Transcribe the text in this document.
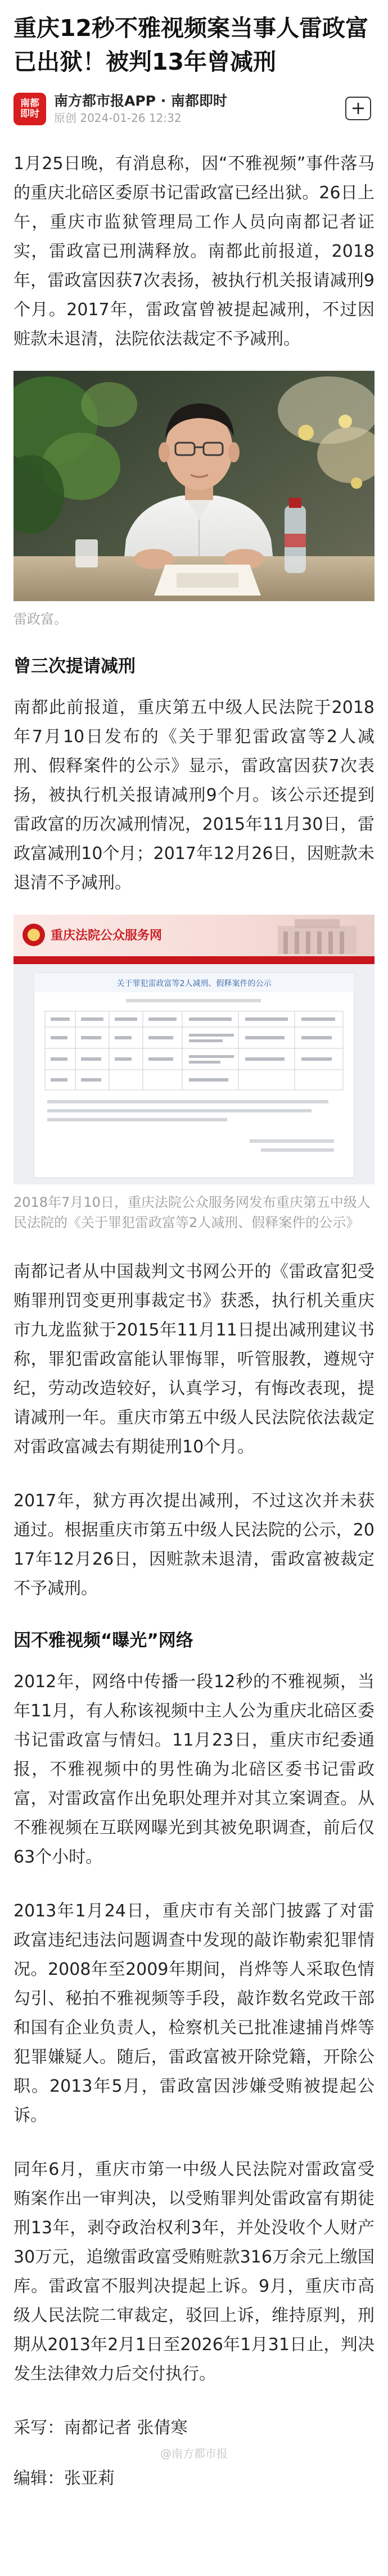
重庆12秒不雅视频案当事人雷政富已出狱！被判13年曾减刑
南都即时
南方都市报APP · 南都即时
原创 2024-01-26 12:32	+

1月25日晚，有消息称，因“不雅视频”事件落马的重庆北碚区委原书记雷政富已经出狱。26日上午，重庆市监狱管理局工作人员向南都记者证实，雷政富已刑满释放。南都此前报道，2018年，雷政富因获7次表扬，被执行机关报请减刑9个月。2017年，雷政富曾被提起减刑，不过因赃款未退清，法院依法裁定不予减刑。

雷政富。
曾三次提请减刑

南都此前报道，重庆第五中级人民法院于2018年7月10日发布的《关于罪犯雷政富等2人减刑、假释案件的公示》显示，雷政富因获7次表扬，被执行机关报请减刑9个月。该公示还提到雷政富的历次减刑情况，2015年11月30日，雷政富减刑10个月；2017年12月26日，因赃款未退清不予减刑。

重庆法院公众服务网
关于罪犯雷政富等2人减刑、假释案件的公示
2018年7月10日，重庆法院公众服务网发布重庆第五中级人民法院的《关于罪犯雷政富等2人减刑、假释案件的公示》

南都记者从中国裁判文书网公开的《雷政富犯受贿罪刑罚变更刑事裁定书》获悉，执行机关重庆市九龙监狱于2015年11月11日提出减刑建议书称，罪犯雷政富能认罪悔罪，听管服教，遵规守纪，劳动改造较好，认真学习，有悔改表现，提请减刑一年。重庆市第五中级人民法院依法裁定对雷政富减去有期徒刑10个月。

2017年，狱方再次提出减刑，不过这次并未获通过。根据重庆市第五中级人民法院的公示，2017年12月26日，因赃款未退清，雷政富被裁定不予减刑。

因不雅视频“曝光”网络

2012年，网络中传播一段12秒的不雅视频，当年11月，有人称该视频中主人公为重庆北碚区委书记雷政富与情妇。11月23日，重庆市纪委通报，不雅视频中的男性确为北碚区委书记雷政富，对雷政富作出免职处理并对其立案调查。从不雅视频在互联网曝光到其被免职调查，前后仅63个小时。

2013年1月24日，重庆市有关部门披露了对雷政富违纪违法问题调查中发现的敲诈勒索犯罪情况。2008年至2009年期间，肖烨等人采取色情勾引、秘拍不雅视频等手段，敲诈数名党政干部和国有企业负责人，检察机关已批准逮捕肖烨等犯罪嫌疑人。随后，雷政富被开除党籍，开除公职。2013年5月，雷政富因涉嫌受贿被提起公诉。

同年6月，重庆市第一中级人民法院对雷政富受贿案作出一审判决，以受贿罪判处雷政富有期徒刑13年，剥夺政治权利3年，并处没收个人财产30万元，追缴雷政富受贿赃款316万余元上缴国库。雷政富不服判决提起上诉。9月，重庆市高级人民法院二审裁定，驳回上诉，维持原判，刑期从2013年2月1日至2026年1月31日止，判决发生法律效力后交付执行。

采写：南都记者 张倩寒
@南方都市报
编辑：张亚莉
